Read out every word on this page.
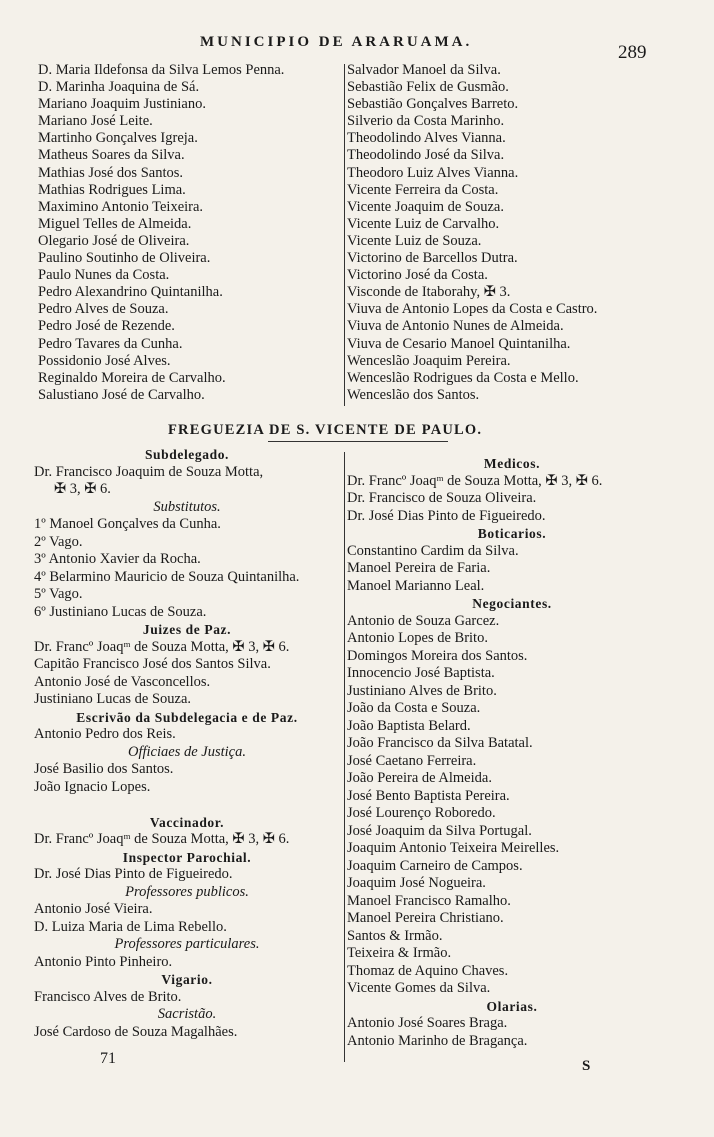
MUNICIPIO DE ARARUAMA.	289
D. Maria Ildefonsa da Silva Lemos Penna.
D. Marinha Joaquina de Sá.
Mariano Joaquim Justiniano.
Mariano José Leite.
Martinho Gonçalves Igreja.
Matheus Soares da Silva.
Mathias José dos Santos.
Mathias Rodrigues Lima.
Maximino Antonio Teixeira.
Miguel Telles de Almeida.
Olegario José de Oliveira.
Paulino Soutinho de Oliveira.
Paulo Nunes da Costa.
Pedro Alexandrino Quintanilha.
Pedro Alves de Souza.
Pedro José de Rezende.
Pedro Tavares da Cunha.
Possidonio José Alves.
Reginaldo Moreira de Carvalho.
Salustiano José de Carvalho.
Salvador Manoel da Silva.
Sebastião Felix de Gusmão.
Sebastião Gonçalves Barreto.
Silverio da Costa Marinho.
Theodolindo Alves Vianna.
Theodolindo José da Silva.
Theodoro Luiz Alves Vianna.
Vicente Ferreira da Costa.
Vicente Joaquim de Souza.
Vicente Luiz de Carvalho.
Vicente Luiz de Souza.
Victorino de Barcellos Dutra.
Victorino José da Costa.
Visconde de Itaborahy, ✠ 3.
Viuva de Antonio Lopes da Costa e Castro.
Viuva de Antonio Nunes de Almeida.
Viuva de Cesario Manoel Quintanilha.
Wenceslão Joaquim Pereira.
Wenceslão Rodrigues da Costa e Mello.
Wenceslão dos Santos.
FREGUEZIA DE S. VICENTE DE PAULO.
Subdelegado.
Dr. Francisco Joaquim de Souza Motta,
✠ 3, ✠ 6.
Substitutos.
1º Manoel Gonçalves da Cunha.
2º Vago.
3º Antonio Xavier da Rocha.
4º Belarmino Mauricio de Souza Quintanilha.
5º Vago.
6º Justiniano Lucas de Souza.
Juizes de Paz.
Dr. Francº Joaqᵐ de Souza Motta, ✠ 3, ✠ 6.
Capitão Francisco José dos Santos Silva.
Antonio José de Vasconcellos.
Justiniano Lucas de Souza.
Escrivão da Subdelegacia e de Paz.
Antonio Pedro dos Reis.
Officiaes de Justiça.
José Basilio dos Santos.
João Ignacio Lopes.
Vaccinador.
Dr. Francº Joaqᵐ de Souza Motta, ✠ 3, ✠ 6.
Inspector Parochial.
Dr. José Dias Pinto de Figueiredo.
Professores publicos.
Antonio José Vieira.
D. Luiza Maria de Lima Rebello.
Professores particulares.
Antonio Pinto Pinheiro.
Vigario.
Francisco Alves de Brito.
Sacristão.
José Cardoso de Souza Magalhães.
Medicos.
Dr. Francº Joaqᵐ de Souza Motta, ✠ 3, ✠ 6.
Dr. Francisco de Souza Oliveira.
Dr. José Dias Pinto de Figueiredo.
Boticarios.
Constantino Cardim da Silva.
Manoel Pereira de Faria.
Manoel Marianno Leal.
Negociantes.
Antonio de Souza Garcez.
Antonio Lopes de Brito.
Domingos Moreira dos Santos.
Innocencio José Baptista.
Justiniano Alves de Brito.
João da Costa e Souza.
João Baptista Belard.
João Francisco da Silva Batatal.
José Caetano Ferreira.
João Pereira de Almeida.
José Bento Baptista Pereira.
José Lourenço Roboredo.
José Joaquim da Silva Portugal.
Joaquim Antonio Teixeira Meirelles.
Joaquim Carneiro de Campos.
Joaquim José Nogueira.
Manoel Francisco Ramalho.
Manoel Pereira Christiano.
Santos & Irmão.
Teixeira & Irmão.
Thomaz de Aquino Chaves.
Vicente Gomes da Silva.
Olarias.
Antonio José Soares Braga.
Antonio Marinho de Bragança.
71	S
